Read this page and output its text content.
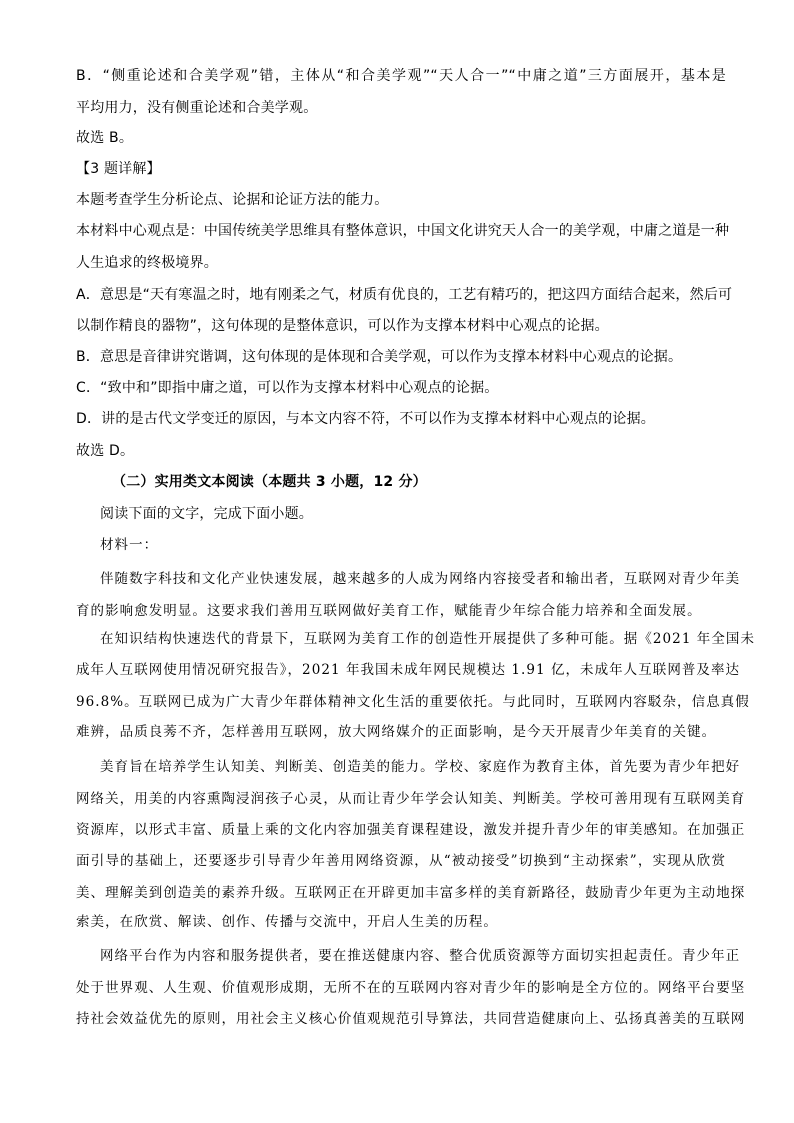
B．“侧重论述和合美学观”错，主体从“和合美学观”“天人合一”“中庸之道”三方面展开，基本是
平均用力，没有侧重论述和合美学观。
故选 B。
【3 题详解】
本题考查学生分析论点、论据和论证方法的能力。
本材料中心观点是：中国传统美学思维具有整体意识，中国文化讲究天人合一的美学观，中庸之道是一种
人生追求的终极境界。
A．意思是“天有寒温之时，地有刚柔之气，材质有优良的，工艺有精巧的，把这四方面结合起来，然后可
以制作精良的器物”，这句体现的是整体意识，可以作为支撑本材料中心观点的论据。
B．意思是音律讲究谐调，这句体现的是体现和合美学观，可以作为支撑本材料中心观点的论据。
C．“致中和”即指中庸之道，可以作为支撑本材料中心观点的论据。
D．讲的是古代文学变迁的原因，与本文内容不符，不可以作为支撑本材料中心观点的论据。
故选 D。
（二）实用类文本阅读（本题共 3 小题，12 分）
阅读下面的文字，完成下面小题。
材料一：
伴随数字科技和文化产业快速发展，越来越多的人成为网络内容接受者和输出者，互联网对青少年美
育的影响愈发明显。这要求我们善用互联网做好美育工作，赋能青少年综合能力培养和全面发展。
在知识结构快速迭代的背景下，互联网为美育工作的创造性开展提供了多种可能。据《2021 年全国未
成年人互联网使用情况研究报告》，2021 年我国未成年网民规模达 1.91 亿，未成年人互联网普及率达
96.8%。互联网已成为广大青少年群体精神文化生活的重要依托。与此同时，互联网内容駁杂，信息真假
难辨，品质良莠不齐，怎样善用互联网，放大网络媒介的正面影响，是今天开展青少年美育的关键。
美育旨在培养学生认知美、判断美、创造美的能力。学校、家庭作为教育主体，首先要为青少年把好
网络关，用美的内容熏陶浸润孩子心灵，从而让青少年学会认知美、判断美。学校可善用现有互联网美育
资源库，以形式丰富、质量上乘的文化内容加强美育课程建设，激发并提升青少年的审美感知。在加强正
面引导的基础上，还要逐步引导青少年善用网络资源，从“被动接受”切换到“主动探索”，实现从欣赏
美、理解美到创造美的素养升级。互联网正在开辟更加丰富多样的美育新路径，鼓励青少年更为主动地探
索美，在欣赏、解读、创作、传播与交流中，开启人生美的历程。
网络平台作为内容和服务提供者，要在推送健康内容、整合优质资源等方面切实担起责任。青少年正
处于世界观、人生观、价值观形成期，无所不在的互联网内容对青少年的影响是全方位的。网络平台要坚
持社会效益优先的原则，用社会主义核心价值观规范引导算法，共同营造健康向上、弘扬真善美的互联网
